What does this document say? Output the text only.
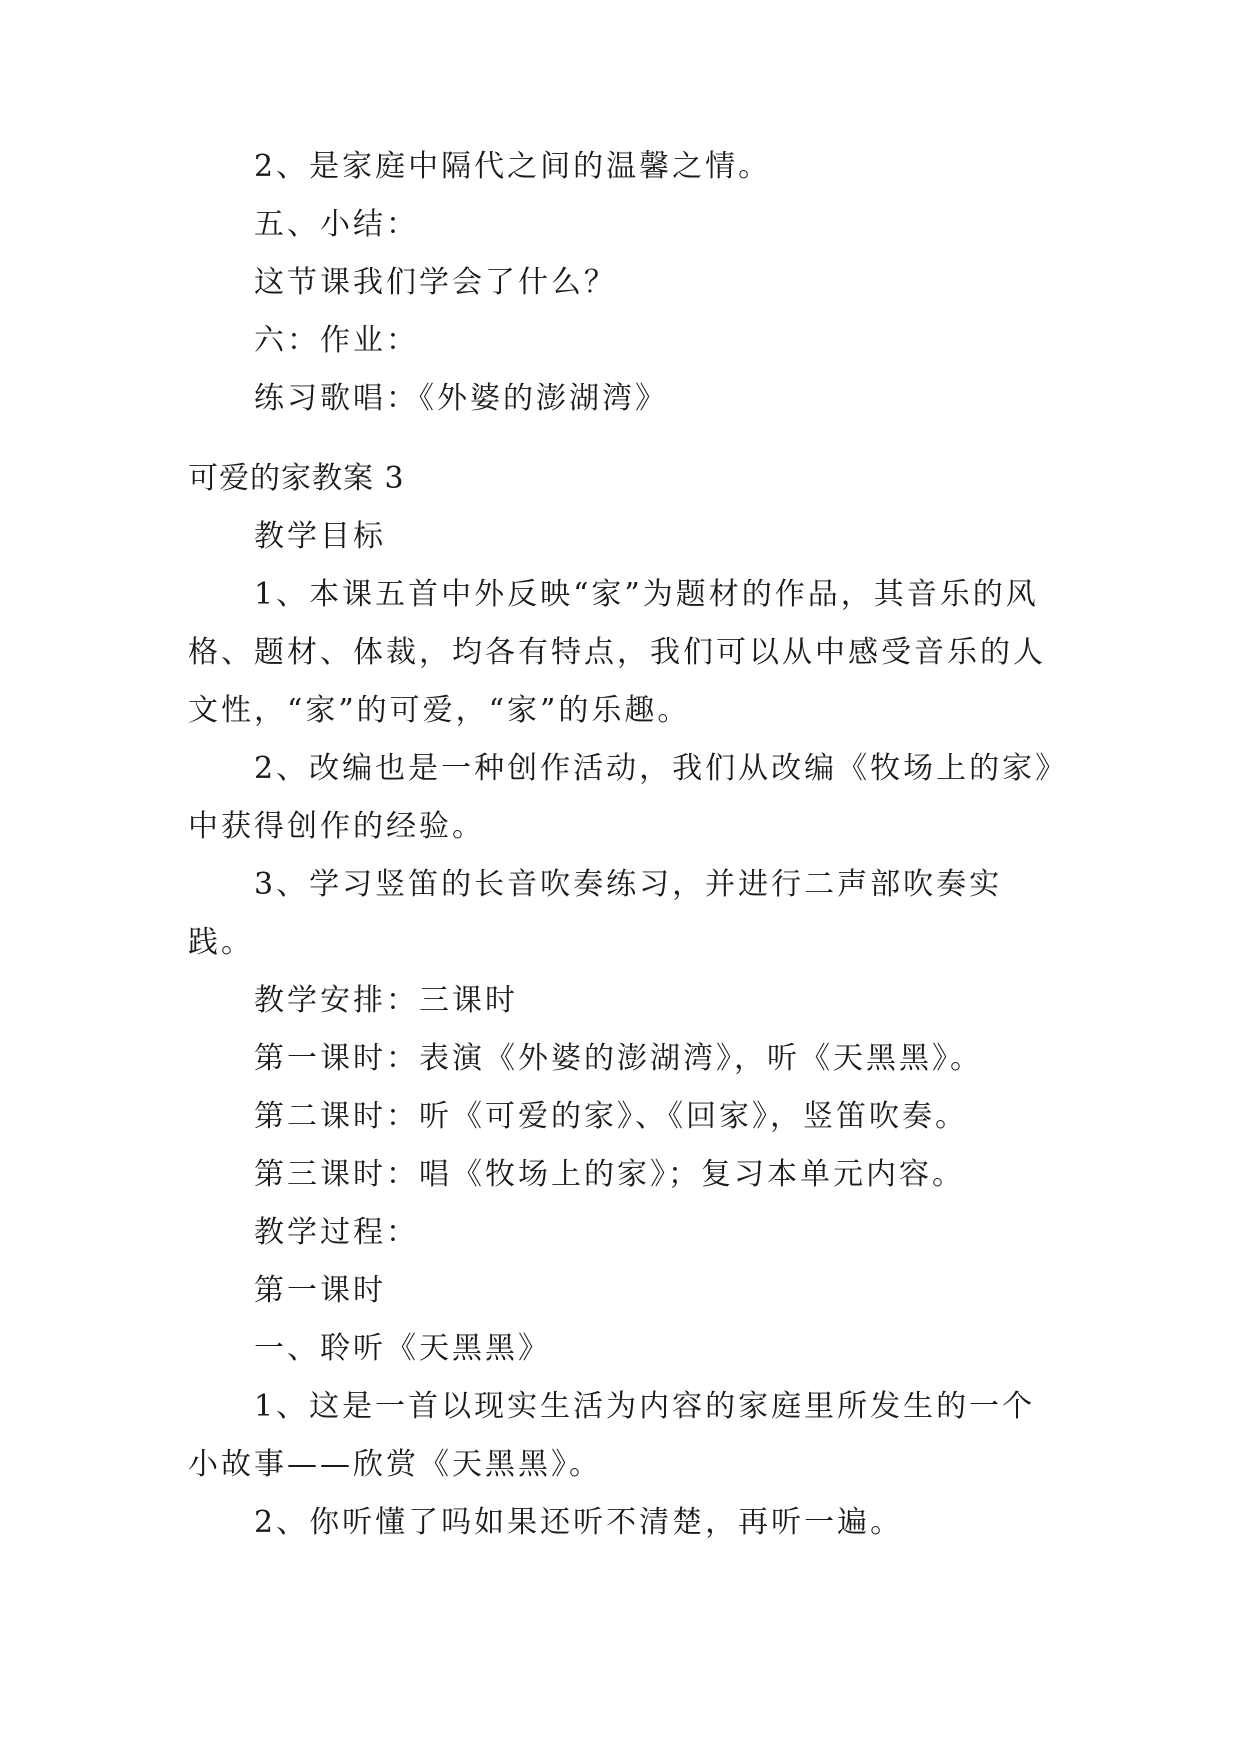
2、是家庭中隔代之间的温馨之情。

五、小结：

这节课我们学会了什么？

六：作业：

练习歌唱：《外婆的澎湖湾》

可爱的家教案 3

教学目标

1、本课五首中外反映“家”为题材的作品，其音乐的风格、题材、体裁，均各有特点，我们可以从中感受音乐的人文性，“家”的可爱，“家”的乐趣。

2、改编也是一种创作活动，我们从改编《牧场上的家》中获得创作的经验。

3、学习竖笛的长音吹奏练习，并进行二声部吹奏实践。

教学安排：三课时

第一课时：表演《外婆的澎湖湾》，听《天黑黑》。

第二课时：听《可爱的家》、《回家》，竖笛吹奏。

第三课时：唱《牧场上的家》；复习本单元内容。

教学过程：

第一课时

一、聆听《天黑黑》

1、这是一首以现实生活为内容的家庭里所发生的一个小故事——欣赏《天黑黑》。

2、你听懂了吗如果还听不清楚，再听一遍。
